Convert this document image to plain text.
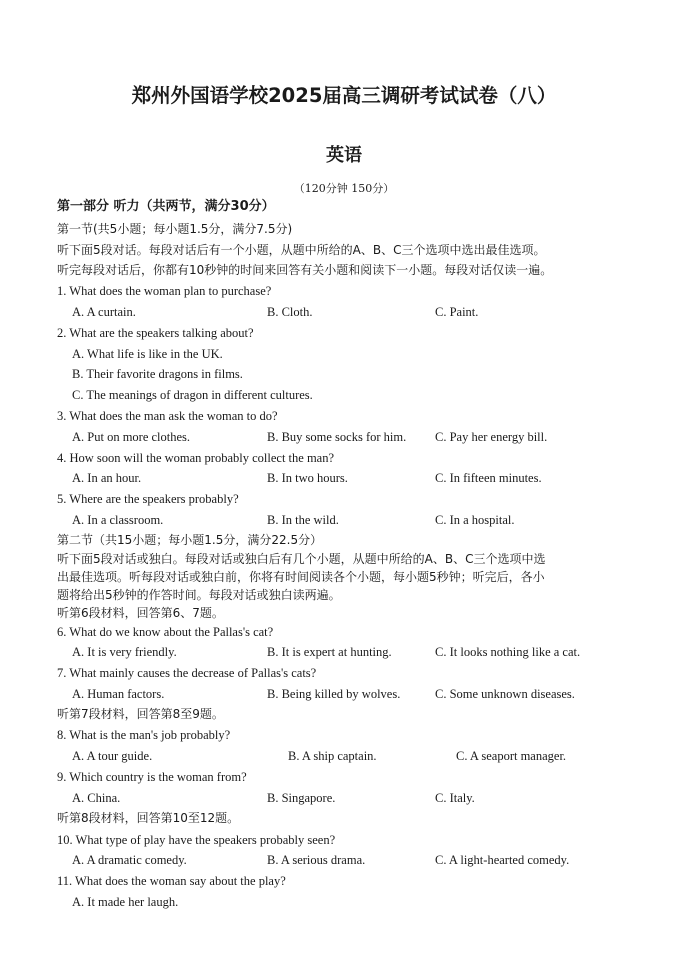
郑州外国语学校2025届高三调研考试试卷（八）
英语
（120分钟 150分）
第一部分 听力（共两节，满分30分）
第一节(共5小题；每小题1.5分，满分7.5分)
听下面5段对话。每段对话后有一个小题，从题中所给的A、B、C三个选项中选出最佳选项。
听完每段对话后，你都有10秒钟的时间来回答有关小题和阅读下一小题。每段对话仅读一遍。
1. What does the woman plan to purchase?
A. A curtain.	B. Cloth.	C. Paint.
2. What are the speakers talking about?
A. What life is like in the UK.
B. Their favorite dragons in films.
C. The meanings of dragon in different cultures.
3. What does the man ask the woman to do?
A. Put on more clothes.	B. Buy some socks for him. C. Pay her energy bill.
4. How soon will the woman probably collect the man?
A. In an hour.	B. In two hours.	C. In fifteen minutes.
5. Where are the speakers probably?
A. In a classroom.	B. In the wild.	C. In a hospital.
第二节（共15小题；每小题1.5分，满分22.5分）
听下面5段对话或独白。每段对话或独白后有几个小题，从题中所给的A、B、C三个选项中选
出最佳选项。听每段对话或独白前，你将有时间阅读各个小题，每小题5秒钟；听完后，各小
题将给出5秒钟的作答时间。每段对话或独白读两遍。
听第6段材料，回答第6、7题。
6. What do we know about the Pallas's cat?
A. It is very friendly.	B. It is expert at hunting.	C. It looks nothing like a cat.
7. What mainly causes the decrease of Pallas's cats?
A. Human factors.	B. Being killed by wolves.	C. Some unknown diseases.
听第7段材料，回答第8至9题。
8. What is the man's job probably?
A. A tour guide.	B. A ship captain.	C. A seaport manager.
9. Which country is the woman from?
A. China.	B. Singapore.	C. Italy.
听第8段材料，回答第10至12题。
10. What type of play have the speakers probably seen?
A. A dramatic comedy.	B. A serious drama.	C. A light-hearted comedy.
11. What does the woman say about the play?
A. It made her laugh.
